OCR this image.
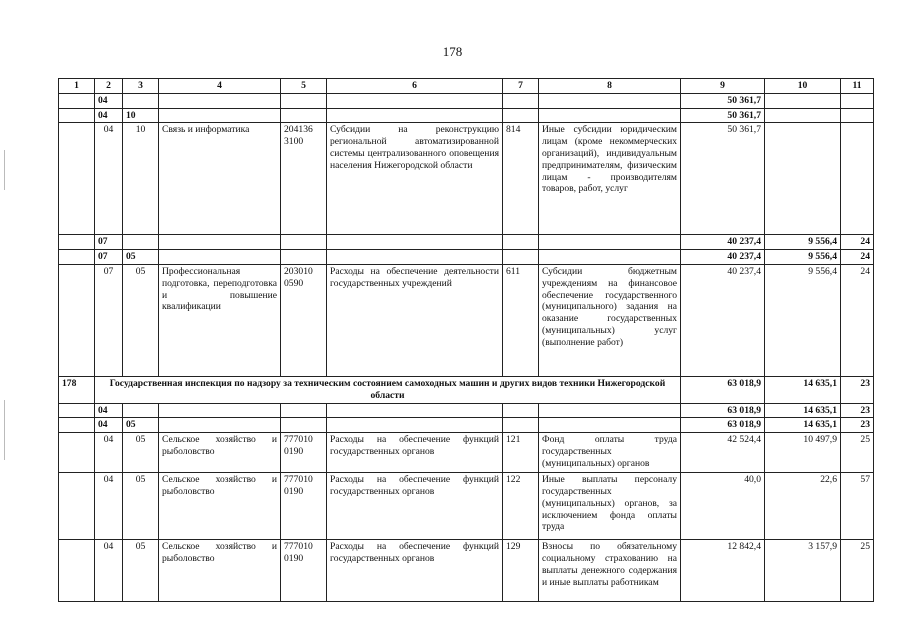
178
1	2	3	4	5	6	7	8	9	10	11
	04							50 361,7		
	04	10						50 361,7		
	04	10	Связь и информатика	204136 3100	Субсидии на реконструкцию региональной автоматизированной системы централизованного оповещения населения Нижегородской области	814	Иные субсидии юридическим лицам (кроме некоммерческих организаций), индивидуальным предпринимателям, физическим лицам - производителям товаров, работ, услуг	50 361,7		
	07							40 237,4	9 556,4	24
	07	05						40 237,4	9 556,4	24
	07	05	Профессиональная подготовка, переподготовка и повышение квалификации	203010 0590	Расходы на обеспечение деятельности государственных учреждений	611	Субсидии бюджетным учреждениям на финансовое обеспечение государственного (муниципального) задания на оказание государственных (муниципальных) услуг (выполнение работ)	40 237,4	9 556,4	24
178	Государственная инспекция по надзору за техническим состоянием самоходных машин и других видов техники Нижегородской области							63 018,9	14 635,1	23
	04							63 018,9	14 635,1	23
	04	05						63 018,9	14 635,1	23
	04	05	Сельское хозяйство и рыболовство	777010 0190	Расходы на обеспечение функций государственных органов	121	Фонд оплаты труда государственных (муниципальных) органов	42 524,4	10 497,9	25
	04	05	Сельское хозяйство и рыболовство	777010 0190	Расходы на обеспечение функций государственных органов	122	Иные выплаты персоналу государственных (муниципальных) органов, за исключением фонда оплаты труда	40,0	22,6	57
	04	05	Сельское хозяйство и рыболовство	777010 0190	Расходы на обеспечение функций государственных органов	129	Взносы по обязательному социальному страхованию на выплаты денежного содержания и иные выплаты работникам	12 842,4	3 157,9	25
